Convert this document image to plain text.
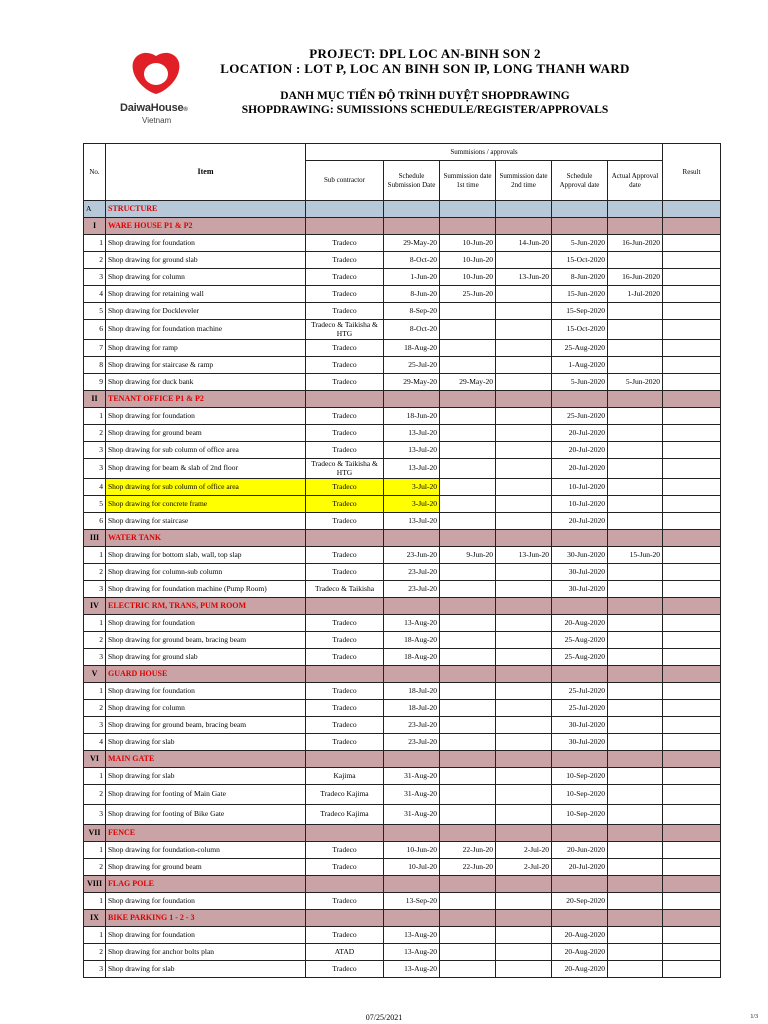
DaiwaHouse®
Vietnam
PROJECT: DPL LOC AN-BINH SON 2
LOCATION : LOT P, LOC AN BINH SON IP, LONG THANH WARD
DANH MỤC TIẾN ĐỘ TRÌNH DUYỆT SHOPDRAWING
SHOPDRAWING: SUMISSIONS SCHEDULE/REGISTER/APPROVALS
No.	Item	Summisions / approvals						Result
		Sub contractor	Schedule Submission Date	Summission date 1st time	Summission date 2nd time	Schedule Approval date	Actual Approval date	
A	STRUCTURE							
I	WARE HOUSE P1 & P2							
1	Shop drawing for foundation	Tradeco	29-May-20	10-Jun-20	14-Jun-20	5-Jun-2020	16-Jun-2020	
2	Shop drawing for ground slab	Tradeco	8-Oct-20	10-Jun-20		15-Oct-2020		
3	Shop drawing for column	Tradeco	1-Jun-20	10-Jun-20	13-Jun-20	8-Jun-2020	16-Jun-2020	
4	Shop drawing for retaining wall	Tradeco	8-Jun-20	25-Jun-20		15-Jun-2020	1-Jul-2020	
5	Shop drawing for Dockleveler	Tradeco	8-Sep-20			15-Sep-2020		
6	Shop drawing for foundation machine	Tradeco & Taikisha & HTG	8-Oct-20			15-Oct-2020		
7	Shop drawing for ramp	Tradeco	18-Aug-20			25-Aug-2020		
8	Shop drawing for staircase & ramp	Tradeco	25-Jul-20			1-Aug-2020		
9	Shop drawing for duck bank	Tradeco	29-May-20	29-May-20		5-Jun-2020	5-Jun-2020	
II	TENANT OFFICE P1 & P2							
1	Shop drawing for foundation	Tradeco	18-Jun-20			25-Jun-2020		
2	Shop drawing for ground beam	Tradeco	13-Jul-20			20-Jul-2020		
3	Shop drawing for sub column of office area	Tradeco	13-Jul-20			20-Jul-2020		
3	Shop drawing for beam & slab of 2nd floor	Tradeco & Taikisha & HTG	13-Jul-20			20-Jul-2020		
4	Shop drawing for sub column of office area	Tradeco	3-Jul-20			10-Jul-2020		
5	Shop drawing for concrete frame	Tradeco	3-Jul-20			10-Jul-2020		
6	Shop drawing for staircase	Tradeco	13-Jul-20			20-Jul-2020		
III	WATER TANK							
1	Shop drawing for bottom slab, wall, top slap	Tradeco	23-Jun-20	9-Jun-20	13-Jun-20	30-Jun-2020	15-Jun-20	
2	Shop drawing for column-sub column	Tradeco	23-Jul-20			30-Jul-2020		
3	Shop drawing for foundation machine (Pump Room)	Tradeco & Taikisha	23-Jul-20			30-Jul-2020		
IV	ELECTRIC RM, TRANS, PUM ROOM							
1	Shop drawing for foundation	Tradeco	13-Aug-20			20-Aug-2020		
2	Shop drawing for ground beam, bracing beam	Tradeco	18-Aug-20			25-Aug-2020		
3	Shop drawing for ground slab	Tradeco	18-Aug-20			25-Aug-2020		
V	GUARD HOUSE							
1	Shop drawing for foundation	Tradeco	18-Jul-20			25-Jul-2020		
2	Shop drawing for column	Tradeco	18-Jul-20			25-Jul-2020		
3	Shop drawing for ground beam, bracing beam	Tradeco	23-Jul-20			30-Jul-2020		
4	Shop drawing for slab	Tradeco	23-Jul-20			30-Jul-2020		
VI	MAIN GATE							
1	Shop drawing for slab	Kajima	31-Aug-20			10-Sep-2020		
2	Shop drawing for footing of Main Gate	Tradeco Kajima	31-Aug-20			10-Sep-2020		
3	Shop drawing for footing of Bike Gate	Tradeco Kajima	31-Aug-20			10-Sep-2020		
VII	FENCE							
1	Shop drawing for foundation-column	Tradeco	10-Jun-20	22-Jun-20	2-Jul-20	20-Jun-2020		
2	Shop drawing for ground beam	Tradeco	10-Jul-20	22-Jun-20	2-Jul-20	20-Jul-2020		
VIII	FLAG POLE							
1	Shop drawing for foundation	Tradeco	13-Sep-20			20-Sep-2020		
IX	BIKE PARKING 1 - 2 - 3							
1	Shop drawing for foundation	Tradeco	13-Aug-20			20-Aug-2020		
2	Shop drawing for anchor bolts plan	ATAD	13-Aug-20			20-Aug-2020		
3	Shop drawing for slab	Tradeco	13-Aug-20			20-Aug-2020		
07/25/2021	1/3
